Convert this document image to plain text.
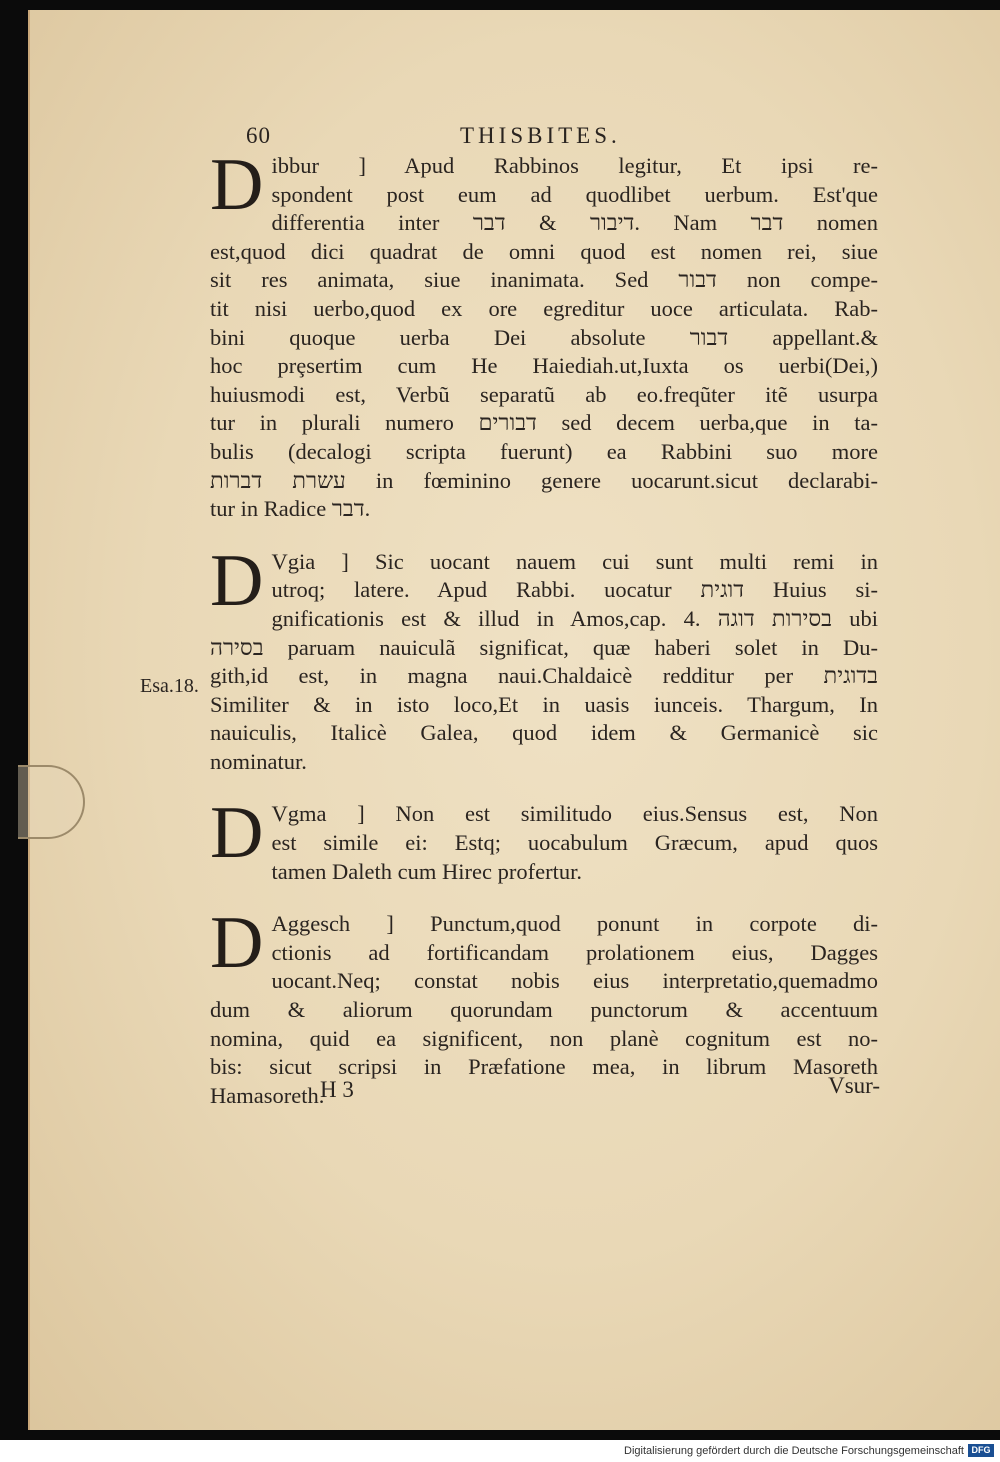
Esa.18.
60	THISBITES.
D ibbur ] Apud Rabbinos legitur, Et ipsi re-
spondent post eum ad quodlibet uerbum. Est'que
differentia inter דיבור & דבר. Nam דבר nomen
est,quod dici quadrat de omni quod est nomen rei, siue
sit res animata, siue inanimata. Sed דבור non compe-
tit nisi uerbo,quod ex ore egreditur uoce articulata. Rab-
bini quoque uerba Dei absolute דבור appellant.&
hoc prȩsertim cum He Haiediah.ut,Iuxta os uerbi(Dei,)
huiusmodi est, Verbũ separatũ ab eo.freqũter itẽ usurpa
tur in plurali numero דבורים sed decem uerba,que in ta-
bulis (decalogi scripta fuerunt) ea Rabbini suo more
עשרת דברות in fœminino genere uocarunt.sicut declarabi-
tur in Radice דבר.
D Vgia ] Sic uocant nauem cui sunt multi remi in
utroq; latere. Apud Rabbi. uocatur דוגית Huius si-
gnificationis est & illud in Amos,cap. 4. בסירות דוגה ubi
בסירה paruam nauiculã significat, quæ haberi solet in Du-
gith,id est, in magna naui.Chaldaicè redditur per בדוגית
Similiter & in isto loco,Et in uasis iunceis. Thargum, In
nauiculis, Italicè Galea, quod idem & Germanicè sic
nominatur.
D Vgma ] Non est similitudo eius.Sensus est, Non
est simile ei: Estq; uocabulum Græcum, apud quos
tamen Daleth cum Hirec profertur.
D Aggesch ] Punctum,quod ponunt in corpote di-
ctionis ad fortificandam prolationem eius, Dagges
uocant.Neq; constat nobis eius interpretatio,quemadmo
dum & aliorum quorundam punctorum & accentuum
nomina, quid ea significent, non planè cognitum est no-
bis: sicut scripsi in Præfatione mea, in librum Masoreth
Hamasoreth.
H 3	Vsur-
Digitalisierung gefördert durch die Deutsche Forschungsgemeinschaft DFG
